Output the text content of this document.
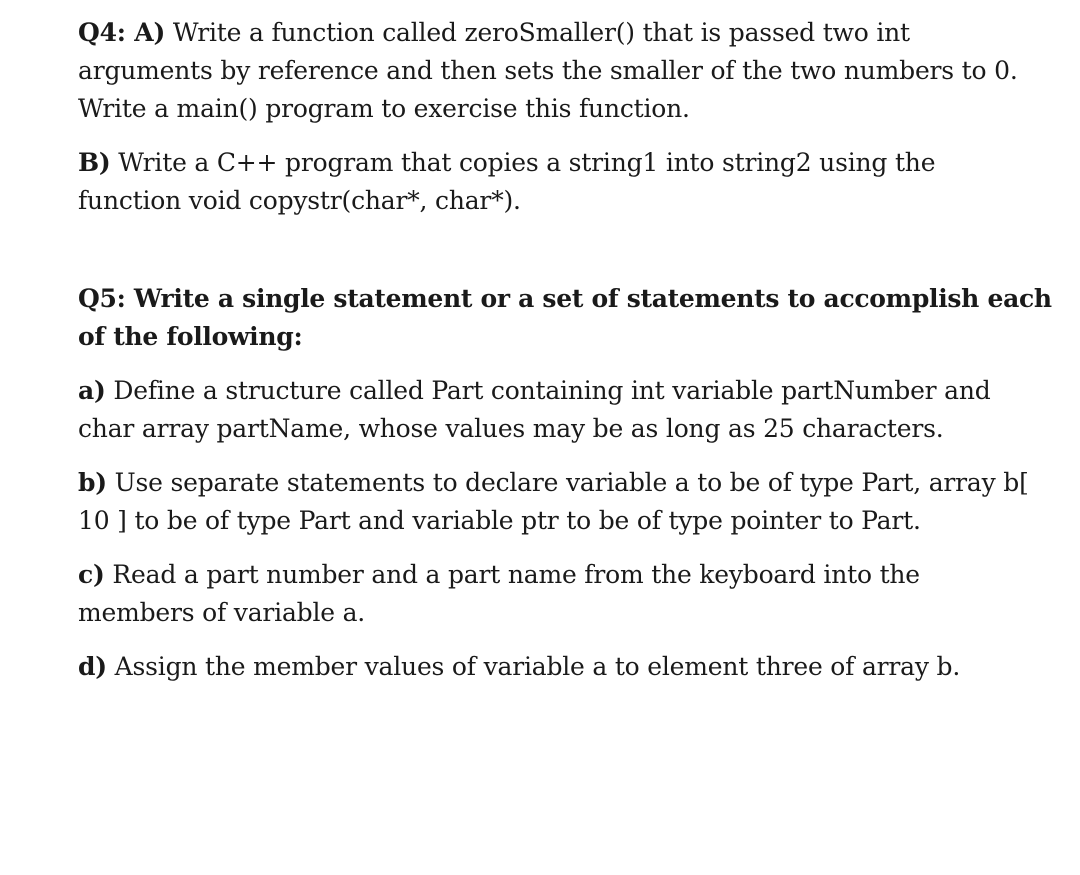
Q4: A) Write a function called zeroSmaller() that is passed two int
arguments by reference and then sets the smaller of the two numbers to 0.
Write a main() program to exercise this function.

B) Write a C++ program that copies a string1 into string2 using the
function void copystr(char*, char*).

Q5: Write a single statement or a set of statements to accomplish each
of the following:

a) Define a structure called Part containing int variable partNumber and
char array partName, whose values may be as long as 25 characters.

b) Use separate statements to declare variable a to be of type Part, array b[
10 ] to be of type Part and variable ptr to be of type pointer to Part.

c) Read a part number and a part name from the keyboard into the
members of variable a.

d) Assign the member values of variable a to element three of array b.
